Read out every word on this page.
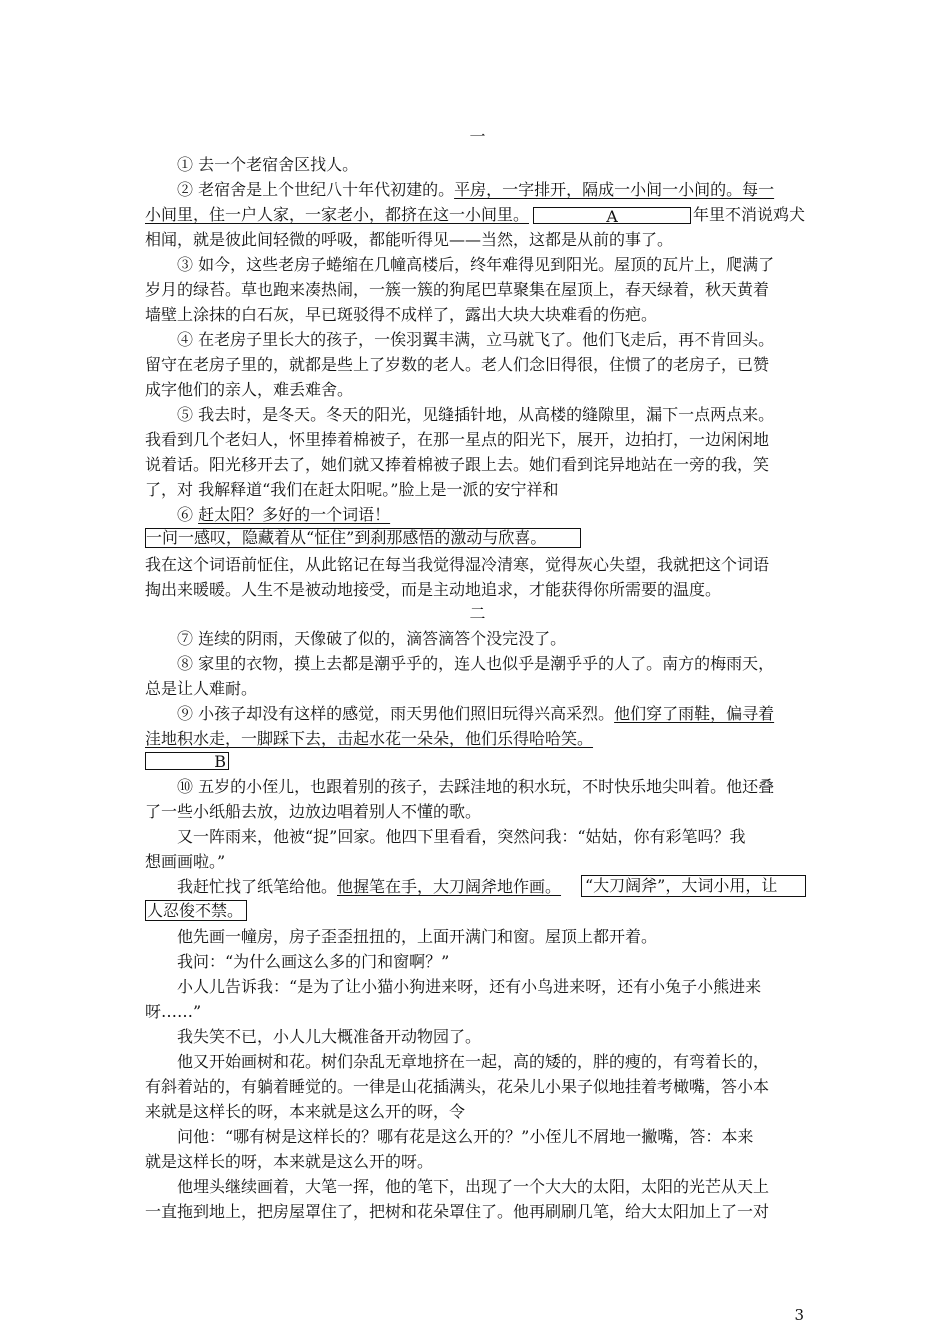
一
① 去一个老宿舍区找人。
② 老宿舍是上个世纪八十年代初建的。平房，一字排开，隔成一小间一小间的。每一
小间里，住一户人家，一家老小，都挤在这一小间里。	A	年里不消说鸡犬
相闻，就是彼此间轻微的呼吸，都能听得见——当然，这都是从前的事了。
③ 如今，这些老房子蜷缩在几幢高楼后，终年难得见到阳光。屋顶的瓦片上，爬满了
岁月的绿苔。草也跑来凑热闹，一簇一簇的狗尾巴草聚集在屋顶上，春天绿着，秋天黄着
墙壁上涂抹的白石灰，早已斑驳得不成样了，露出大块大块难看的伤疤。
④ 在老房子里长大的孩子，一俟羽翼丰满，立马就飞了。他们飞走后，再不肯回头。
留守在老房子里的，就都是些上了岁数的老人。老人们念旧得很，住惯了的老房子，已赞
成字他们的亲人，难丢难舍。
⑤ 我去时，是冬天。冬天的阳光，见缝插针地，从高楼的缝隙里，漏下一点两点来。
我看到几个老妇人，怀里捧着棉被子，在那一星点的阳光下，展开，边拍打，一边闲闲地
说着话。阳光移开去了，她们就又捧着棉被子跟上去。她们看到诧异地站在一旁的我，笑
了，对 我解释道“我们在赶太阳呢。”脸上是一派的安宁祥和
⑥ 赶太阳？多好的一个词语！
一问一感叹，隐藏着从“怔住”到刹那感悟的激动与欣喜。
我在这个词语前怔住，从此铭记在每当我觉得湿冷清寒，觉得灰心失望，我就把这个词语
掏出来暖暖。人生不是被动地接受，而是主动地追求，才能获得你所需要的温度。
二
⑦ 连续的阴雨，天像破了似的，滴答滴答个没完没了。
⑧ 家里的衣物，摸上去都是潮乎乎的，连人也似乎是潮乎乎的人了。南方的梅雨天，
总是让人难耐。
⑨ 小孩子却没有这样的感觉，雨天男他们照旧玩得兴高采烈。他们穿了雨鞋，偏寻着
洼地积水走，一脚踩下去，击起水花一朵朵，他们乐得哈哈笑。
B
⑩ 五岁的小侄儿，也跟着别的孩子，去踩洼地的积水玩，不时快乐地尖叫着。他还叠
了一些小纸船去放，边放边唱着别人不懂的歌。
又一阵雨来，他被“捉”回家。他四下里看看，突然问我：“姑姑，你有彩笔吗？我
想画画啦。”
我赶忙找了纸笔给他。他握笔在手，大刀阔斧地作画。	“大刀阔斧”，大词小用，让
人忍俊不禁。
他先画一幢房，房子歪歪扭扭的，上面开满门和窗。屋顶上都开着。
我问：“为什么画这么多的门和窗啊？”
小人儿告诉我：“是为了让小猫小狗进来呀，还有小鸟进来呀，还有小兔子小熊进来
呀……”
我失笑不已，小人儿大概准备开动物园了。
他又开始画树和花。树们杂乱无章地挤在一起，高的矮的，胖的瘦的，有弯着长的，
有斜着站的，有躺着睡觉的。一律是山花插满头，花朵儿小果子似地挂着考橄嘴，答小本
来就是这样长的呀，本来就是这么开的呀，令
问他：“哪有树是这样长的？哪有花是这么开的？”小侄儿不屑地一撇嘴，答：本来
就是这样长的呀，本来就是这么开的呀。
他埋头继续画着，大笔一挥，他的笔下，出现了一个大大的太阳，太阳的光芒从天上
一直拖到地上，把房屋罩住了，把树和花朵罩住了。他再刷刷几笔，给大太阳加上了一对
3
